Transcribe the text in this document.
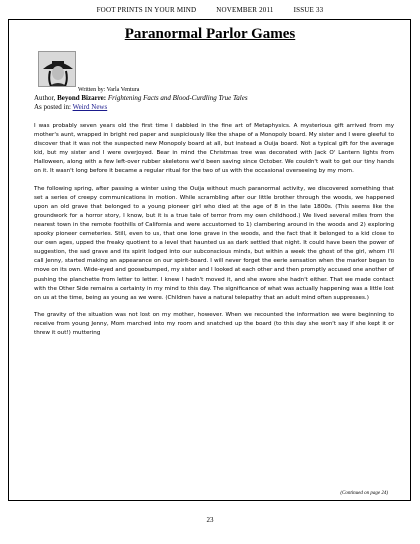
FOOT PRINTS IN YOUR MIND	NOVEMBER 2011	ISSUE 33
Paranormal Parlor Games
Written by: Varla Ventura
Author, Beyond Bizarre: Frightening Facts and Blood-Curdling True Tales
As posted in: Weird News

I was probably seven years old the first time I dabbled in the fine art of Metaphysics. A mysterious gift arrived from my mother's aunt, wrapped in bright red paper and suspiciously like the shape of a Monopoly board. My sister and I were gleeful to discover that it was not the suspected new Monopoly board at all, but instead a Ouija board. Not a typical gift for the average kid, but my sister and I were overjoyed. Bear in mind the Christmas tree was decorated with Jack O' Lantern lights from Halloween, along with a few left-over rubber skeletons we'd been saving since October. We couldn't wait to get our tiny hands on it. It wasn't long before it became a regular ritual for the two of us with the occasional overseeing by my mom.

The following spring, after passing a winter using the Ouija without much paranormal activity, we discovered something that set a series of creepy communications in motion. While scrambling after our little brother through the woods, we happened upon an old grave that belonged to a young pioneer girl who died at the age of 8 in the late 1800s. (This seems like the groundwork for a horror story, I know, but it is a true tale of terror from my own childhood.) We lived several miles from the nearest town in the remote foothills of California and were accustomed to 1) clambering around in the woods and 2) exploring spooky pioneer cemeteries. Still, even to us, that one lone grave in the woods, and the fact that it belonged to a kid close to our own ages, upped the freaky quotient to a level that haunted us as dark settled that night. It could have been the power of suggestion, the sad grave and its spirit lodged into our subconscious minds, but within a week the ghost of the girl, whom I'll call Jenny, started making an appearance on our spirit-board. I will never forget the eerie sensation when the marker began to move on its own. Wide-eyed and goosebumped, my sister and I looked at each other and then promptly accused one another of pushing the planchette from letter to letter. I knew I hadn't moved it, and she swore she hadn't either. That we made contact with the Other Side remains a certainty in my mind to this day. The significance of what was actually happening was a little lost on us at the time, being as young as we were. (Children have a natural telepathy that an adult mind often suppresses.)

The gravity of the situation was not lost on my mother, however. When we recounted the information we were beginning to receive from young Jenny, Mom marched into my room and snatched up the board (to this day she won't say if she kept it or threw it out!) muttering

(Continued on page 24)
23
